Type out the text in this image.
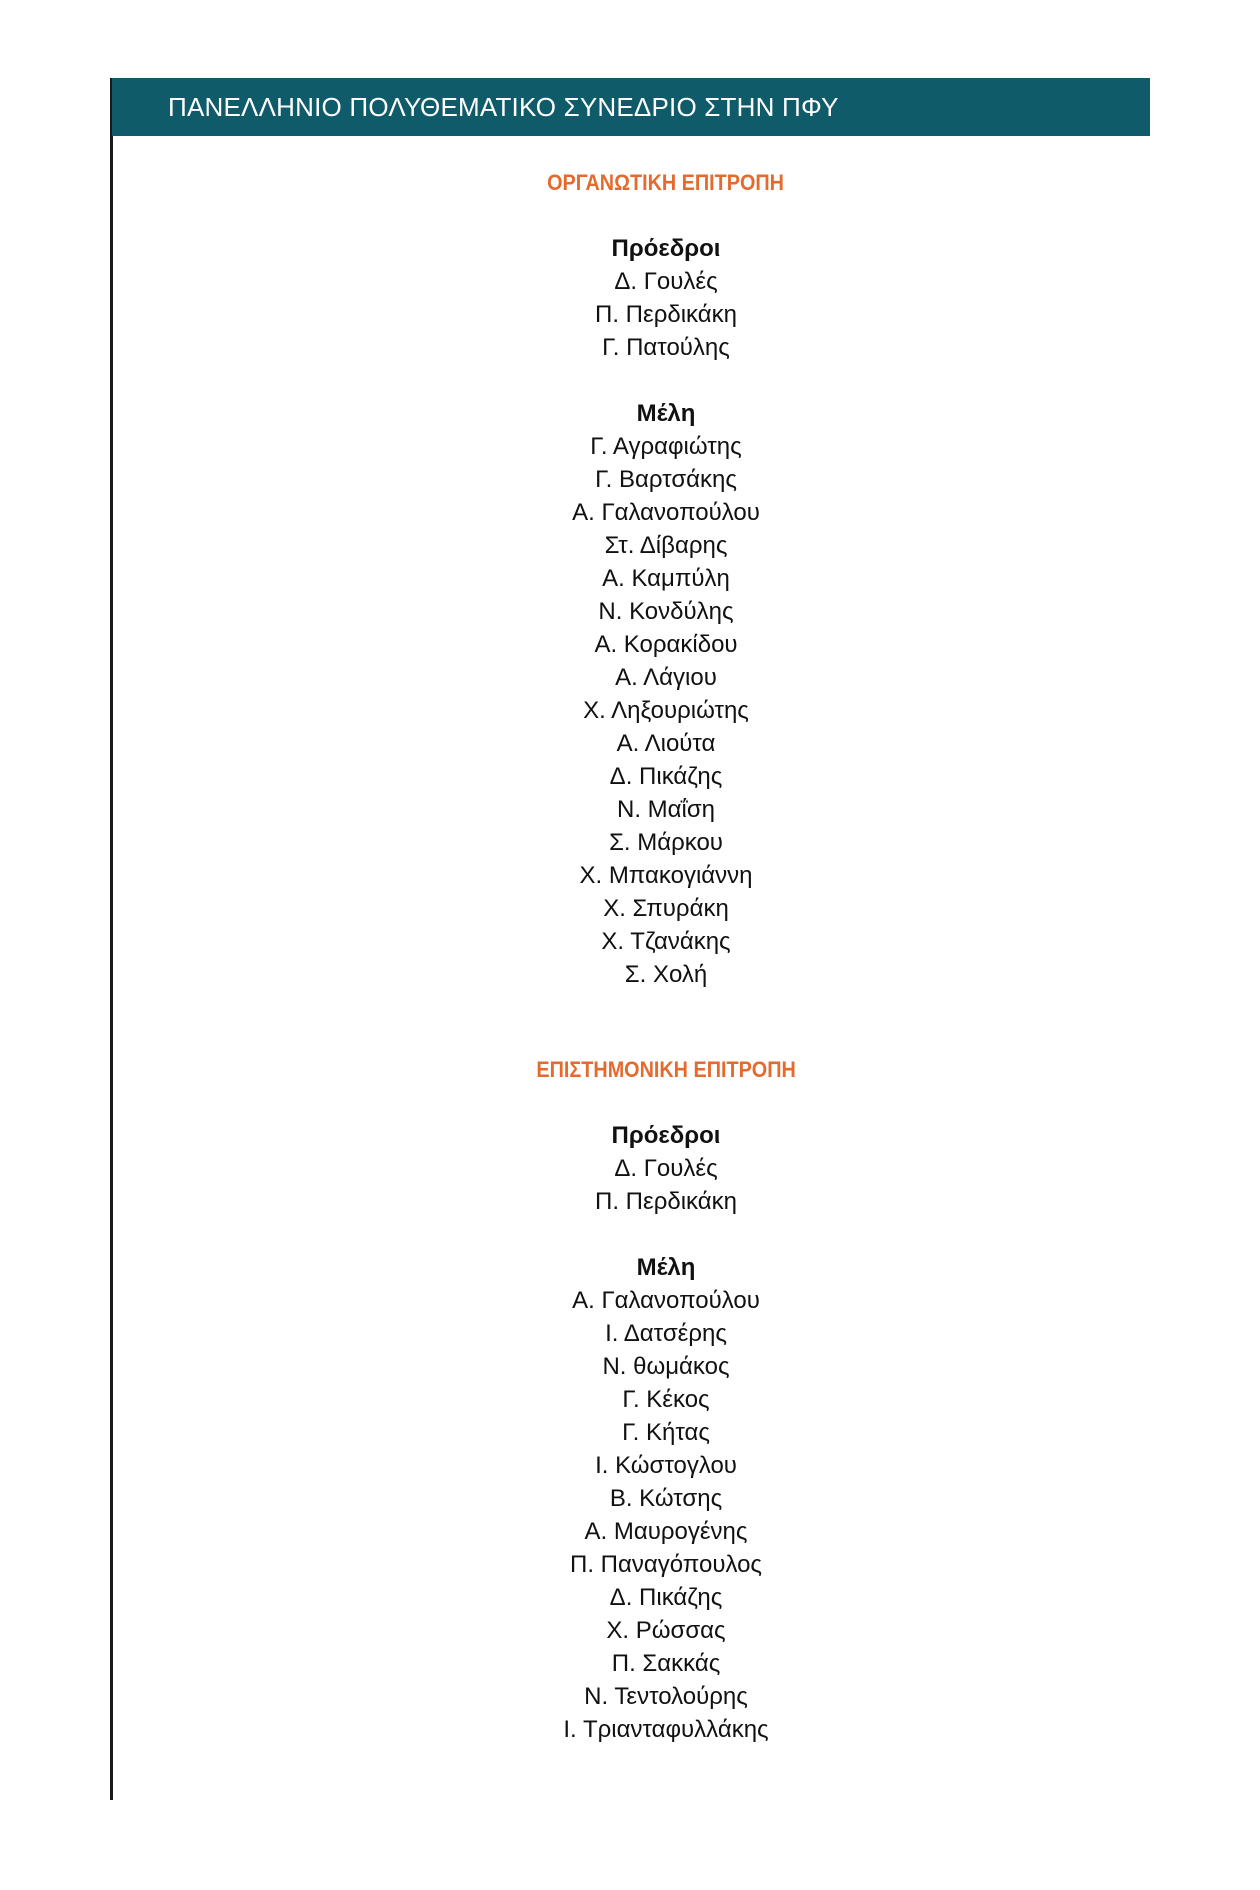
ΠΑΝΕΛΛΗΝΙΟ ΠΟΛΥΘΕΜΑΤΙΚΟ ΣΥΝΕΔΡΙΟ ΣΤΗΝ ΠΦΥ
ΟΡΓΑΝΩΤΙΚΗ ΕΠΙΤΡΟΠΗ
Πρόεδροι
Δ. Γουλές
Π. Περδικάκη
Γ. Πατούλης
Μέλη
Γ. Αγραφιώτης
Γ. Βαρτσάκης
Α. Γαλανοπούλου
Στ. Δίβαρης
Α. Καμπύλη
Ν. Κονδύλης
Α. Κορακίδου
Α. Λάγιου
Χ. Ληξουριώτης
Α. Λιούτα
Δ. Πικάζης
Ν. Μαΐση
Σ. Μάρκου
Χ. Μπακογιάννη
Χ. Σπυράκη
Χ. Τζανάκης
Σ. Χολή
ΕΠΙΣΤΗΜΟΝΙΚΗ ΕΠΙΤΡΟΠΗ
Πρόεδροι
Δ. Γουλές
Π. Περδικάκη
Μέλη
Α. Γαλανοπούλου
Ι. Δατσέρης
Ν. θωμάκος
Γ. Κέκος
Γ. Κήτας
Ι. Κώστογλου
Β. Κώτσης
Α. Μαυρογένης
Π. Παναγόπουλος
Δ. Πικάζης
Χ. Ρώσσας
Π. Σακκάς
Ν. Τεντολούρης
Ι. Τριανταφυλλάκης
